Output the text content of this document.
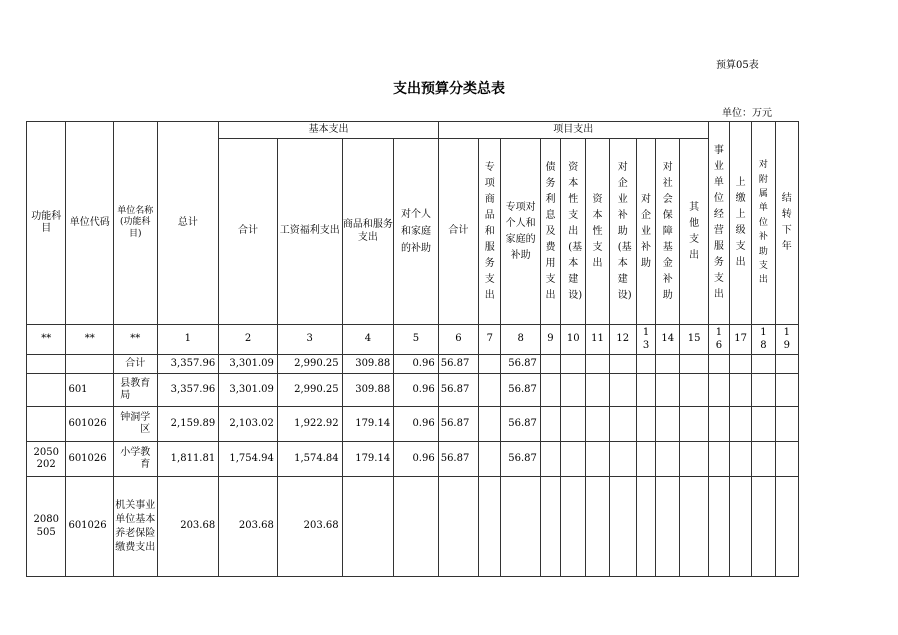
预算05表
支出预算分类总表
单位：万元
功能科目	单位代码	单位名称(功能科目)	总计	基本支出				项目支出										事业单位经营服务支出	上缴上级支出	对附属单位补助支出	结转下年
				合计	工资福利支出	商品和服务支出	对个人和家庭的补助	合计	专项商品和服务支出	专项对个人和家庭的补助	债务利息及费用支出	资本性支出(基本建设)	资本性支出	对企业补助(基本建设)	对企业补助	对社会保障基金补助	其他支出				
**	**	**	1	2	3	4	5	6	7	8	9	10	11	12	13	14	15	16	17	18	19
		合计	3,357.96	3,301.09	2,990.25	309.88	0.96	56.87		56.87											
	601	县教育局	3,357.96	3,301.09	2,990.25	309.88	0.96	56.87		56.87											
	601026	钟洞学区	2,159.89	2,103.02	1,922.92	179.14	0.96	56.87		56.87											
2050202	601026	小学教育	1,811.81	1,754.94	1,574.84	179.14	0.96	56.87		56.87											
2080505	601026	机关事业单位基本养老保险缴费支出	203.68	203.68	203.68																
